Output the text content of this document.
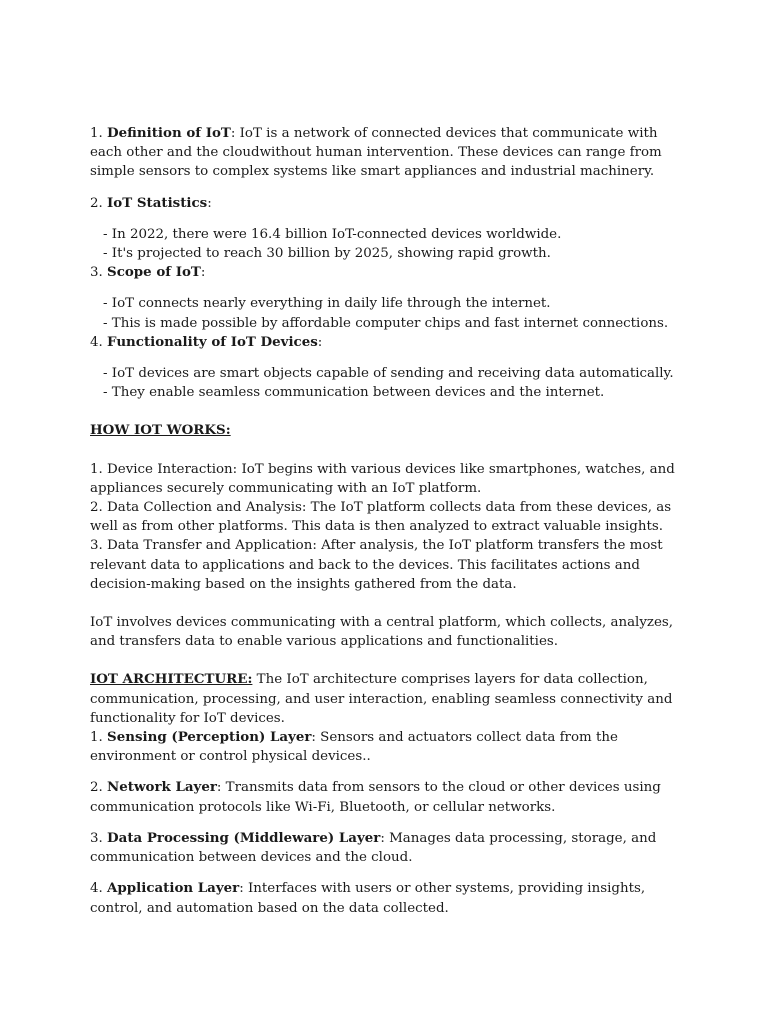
1. Definition of IoT: IoT is a network of connected devices that communicate with each other and the cloudwithout human intervention. These devices can range from simple sensors to complex systems like smart appliances and industrial machinery.

2. IoT Statistics:

- In 2022, there were 16.4 billion IoT-connected devices worldwide.

- It's projected to reach 30 billion by 2025, showing rapid growth.

3. Scope of IoT:

- IoT connects nearly everything in daily life through the internet.

- This is made possible by affordable computer chips and fast internet connections.

4. Functionality of IoT Devices:

- IoT devices are smart objects capable of sending and receiving data automatically.

- They enable seamless communication between devices and the internet.

HOW IOT WORKS:

1. Device Interaction: IoT begins with various devices like smartphones, watches, and appliances securely communicating with an IoT platform.

2. Data Collection and Analysis: The IoT platform collects data from these devices, as well as from other platforms. This data is then analyzed to extract valuable insights.

3. Data Transfer and Application: After analysis, the IoT platform transfers the most relevant data to applications and back to the devices. This facilitates actions and decision-making based on the insights gathered from the data.

IoT involves devices communicating with a central platform, which collects, analyzes, and transfers data to enable various applications and functionalities.

IOT ARCHITECTURE: The IoT architecture comprises layers for data collection, communication, processing, and user interaction, enabling seamless connectivity and functionality for IoT devices.

1. Sensing (Perception) Layer: Sensors and actuators collect data from the environment or control physical devices..

2. Network Layer: Transmits data from sensors to the cloud or other devices using communication protocols like Wi-Fi, Bluetooth, or cellular networks.

3. Data Processing (Middleware) Layer: Manages data processing, storage, and communication between devices and the cloud.

4. Application Layer: Interfaces with users or other systems, providing insights, control, and automation based on the data collected.
